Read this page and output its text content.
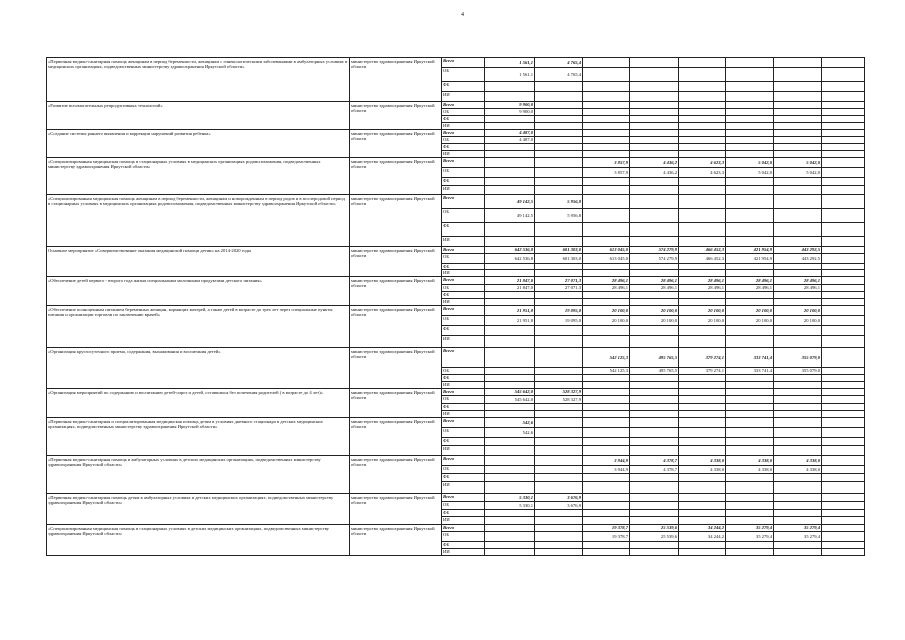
4
«Первичная медико-санитарная помощь женщинам в период беременности, женщинам с гинекологическими заболеваниями в амбулаторных условиях в медицинских организациях, подведомственных министерству здравоохранения Иркутской области»	министерство здравоохранения Иркутской области	Всего	1 561,1	4 765,4						
		ОБ	1 561,1	4 765,4						
		ФБ								
		ИИ								
«Развитие вспомогательных репродуктивных технологий»	министерство здравоохранения Иркутской области	Всего	9 900,0							
		ОБ	9 900,0							
		ФБ								
		ИИ								
«Создание системы раннего выявления и коррекции нарушений развития ребенка»	министерство здравоохранения Иркутской области	Всего	4 487,0							
		ОБ	4 487,0							
		ФБ								
		ИИ								
«Специализированная медицинская помощь в стационарных условиях в медицинских организациях родовспоможения, подведомственных министерству здравоохранения Иркутской области»	министерство здравоохранения Иркутской области	Всего			3 857,9	4 436,2	4 623,3	5 042,0	5 042,0	
		ОБ			3 857,9	4 436,2	4 623,3	5 042,0	5 042,0	
		ФБ								
		ИИ								
«Специализированная медицинская помощь женщинам в период беременности, женщинам и новорожденным в период родов и в послеродовой период в стационарных условиях в медицинских организациях родовспоможения, подведомственных министерству здравоохранения Иркутской области»	министерство здравоохранения Иркутской области	Всего	49 142,5	5 956,8						
		ОБ	49 142,5	5 956,8						
		ФБ								
		ИИ								
Основное мероприятие «Совершенствование оказания медицинской помощи детям» на 2014-2020 годы	министерство здравоохранения Иркутской области	Всего	642 536,8	601 303,0	613 045,0	574 279,9	466 452,3	421 954,9	443 292,5	
		ОБ	642 536,8	601 303,0	613 045,0	574 279,9	466 452,3	421 954,9	443 292,5	
		ФБ								
		ИИ								
«Обеспечение детей первого - второго года жизни специальными молочными продуктами детского питания»	министерство здравоохранения Иркутской области	Всего	21 847,0	27 071,3	28 496,1	28 496,1	28 496,1	28 496,1	28 496,1	
		ОБ	21 847,0	27 071,3	28 496,1	28 496,1	28 496,1	28 496,1	28 496,1	
		ФБ								
		ИИ								
«Обеспечение полноценным питанием беременных женщин, кормящих матерей, а также детей в возрасте до трех лет через специальные пункты питания и организации торговли по заключению врачей»	министерство здравоохранения Иркутской области	Всего	21 951,8	19 095,0	20 100,0	20 100,0	20 100,0	20 100,0	20 100,0	
		ОБ	21 951,8	19 095,0	20 100,0	20 100,0	20 100,0	20 100,0	20 100,0	
		ФБ								
		ИИ								
«Организация круглосуточного приема, содержания, выхаживания и воспитания детей»	министерство здравоохранения Иркутской области	Всего			542 125,3	495 765,5	379 274,1	333 741,4	355 079,0	
		ОБ			542 125,3	495 765,5	379 274,1	333 741,4	355 079,0	
		ФБ								
		ИИ								
«Организация мероприятий по содержанию и воспитанию детей-сирот и детей, оставшихся без попечения родителей ( в возрасте до 4 лет)»	министерство здравоохранения Иркутской области	Всего	545 642,0	528 327,9						
		ОБ	545 642,0	528 327,9						
		ФБ								
		ИИ								
«Первичная медико-санитарная и специализированная медицинская помощь детям в условиях дневного стационара в детских медицинских организациях, подведомственных министерству здравоохранения Иркутской области»	министерство здравоохранения Иркутской области	Всего	542,6							
		ОБ	542,6							
		ФБ								
		ИИ								
«Первичная медико-санитарная помощь в амбулаторных условиях в детских медицинских организациях, подведомственных министерству здравоохранения Иркутской области»	министерство здравоохранения Иркутской области	Всего			3 944,9	4 378,7	4 338,0	4 338,0	4 338,0	
		ОБ			3 944,9	4 378,7	4 338,0	4 338,0	4 338,0	
		ФБ								
		ИИ								
«Первичная медико-санитарная помощь детям в амбулаторных условиях в детских медицинских организациях, подведомственных министерству здравоохранения Иркутской области»	министерство здравоохранения Иркутской области	Всего	5 330,1	3 676,9						
		ОБ	5 330,1	3 676,9						
		ФБ								
		ИИ								
«Специализированная медицинская помощь в стационарных условиях в детских медицинских организациях, подведомственных министерству здравоохранения Иркутской области»	министерство здравоохранения Иркутской области	Всего			19 378,7	25 539,6	34 244,2	35 279,4	35 279,4	
		ОБ			19 378,7	25 539,6	34 244,2	35 279,4	35 279,4	
		ФБ								
		ИИ								
